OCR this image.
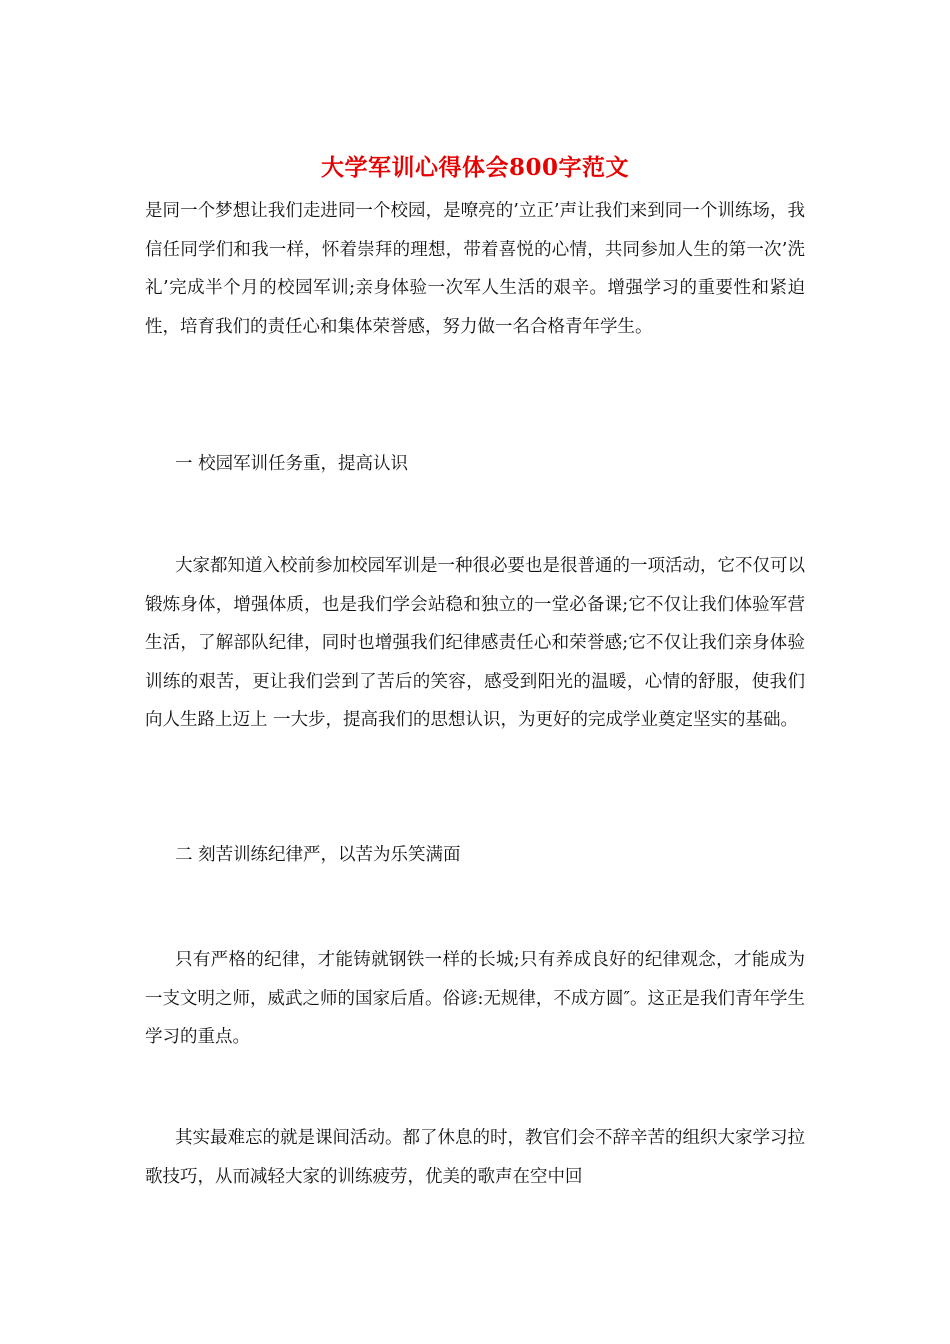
大学军训心得体会800字范文

是同一个梦想让我们走进同一个校园，是嘹亮的’立正’声让我们来到同一个训练场，我信任同学们和我一样，怀着崇拜的理想，带着喜悦的心情，共同参加人生的第一次’洗礼’完成半个月的校园军训;亲身体验一次军人生活的艰辛。增强学习的重要性和紧迫性，培育我们的责任心和集体荣誉感，努力做一名合格青年学生。

一 校园军训任务重，提高认识

大家都知道入校前参加校园军训是一种很必要也是很普通的一项活动，它不仅可以锻炼身体，增强体质，也是我们学会站稳和独立的一堂必备课;它不仅让我们体验军营生活，了解部队纪律，同时也增强我们纪律感责任心和荣誉感;它不仅让我们亲身体验训练的艰苦，更让我们尝到了苦后的笑容，感受到阳光的温暖，心情的舒服，使我们向人生路上迈上 一大步，提高我们的思想认识，为更好的完成学业奠定坚实的基础。

二 刻苦训练纪律严，以苦为乐笑满面

只有严格的纪律，才能铸就钢铁一样的长城;只有养成良好的纪律观念，才能成为一支文明之师，威武之师的国家后盾。俗谚:无规律，不成方圆″。这正是我们青年学生学习的重点。

其实最难忘的就是课间活动。都了休息的时，教官们会不辞辛苦的组织大家学习拉歌技巧，从而减轻大家的训练疲劳，优美的歌声在空中回
